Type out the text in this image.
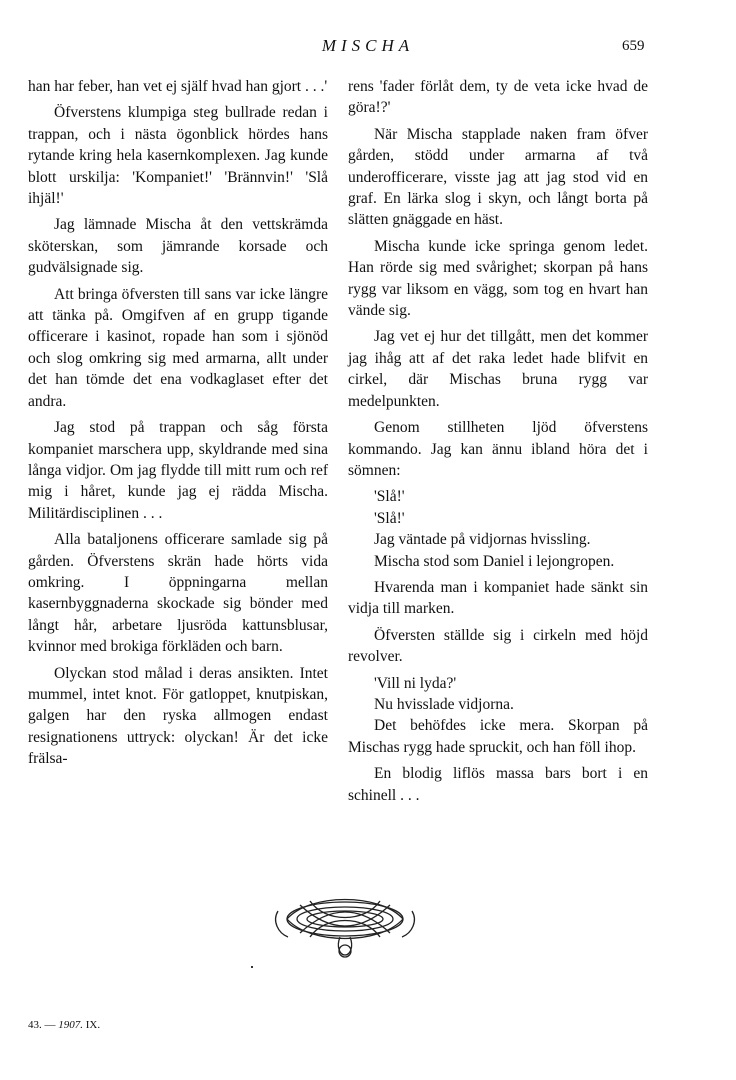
MISCHA	659

han har feber, han vet ej själf hvad han gjort . . .'

Öfverstens klumpiga steg bullrade redan i trappan, och i nästa ögonblick hördes hans rytande kring hela kasernkomplexen. Jag kunde blott urskilja: 'Kompaniet!' 'Brännvin!' 'Slå ihjäl!'

Jag lämnade Mischa åt den vettskrämda sköterskan, som jämrande korsade och gudvälsignade sig.

Att bringa öfversten till sans var icke längre att tänka på. Omgifven af en grupp tigande officerare i kasinot, ropade han som i sjönöd och slog omkring sig med armarna, allt under det han tömde det ena vodkaglaset efter det andra.

Jag stod på trappan och såg första kompaniet marschera upp, skyldrande med sina långa vidjor. Om jag flydde till mitt rum och ref mig i håret, kunde jag ej rädda Mischa. Militärdisciplinen . . .

Alla bataljonens officerare samlade sig på gården. Öfverstens skrän hade hörts vida omkring. I öppningarna mellan kasernbyggnaderna skockade sig bönder med långt hår, arbetare ljusröda kattunsblusar, kvinnor med brokiga förkläden och barn.

Olyckan stod målad i deras ansikten. Intet mummel, intet knot. För gatloppet, knutpiskan, galgen har den ryska allmogen endast resignationens uttryck: olyckan! Är det icke frälsa-

rens 'fader förlåt dem, ty de veta icke hvad de göra!?'

När Mischa stapplade naken fram öfver gården, stödd under armarna af två underofficerare, visste jag att jag stod vid en graf. En lärka slog i skyn, och långt borta på slätten gnäggade en häst.

Mischa kunde icke springa genom ledet. Han rörde sig med svårighet; skorpan på hans rygg var liksom en vägg, som tog en hvart han vände sig.

Jag vet ej hur det tillgått, men det kommer jag ihåg att af det raka ledet hade blifvit en cirkel, där Mischas bruna rygg var medelpunkten.

Genom stillheten ljöd öfverstens kommando. Jag kan ännu ibland höra det i sömnen:

'Slå!'

'Slå!'

Jag väntade på vidjornas hvissling.

Mischa stod som Daniel i lejongropen.

Hvarenda man i kompaniet hade sänkt sin vidja till marken.

Öfversten ställde sig i cirkeln med höjd revolver.

'Vill ni lyda?'

Nu hvisslade vidjorna.

Det behöfdes icke mera. Skorpan på Mischas rygg hade spruckit, och han föll ihop.

En blodig liflös massa bars bort i en schinell . . .

43. — 1907. IX.
